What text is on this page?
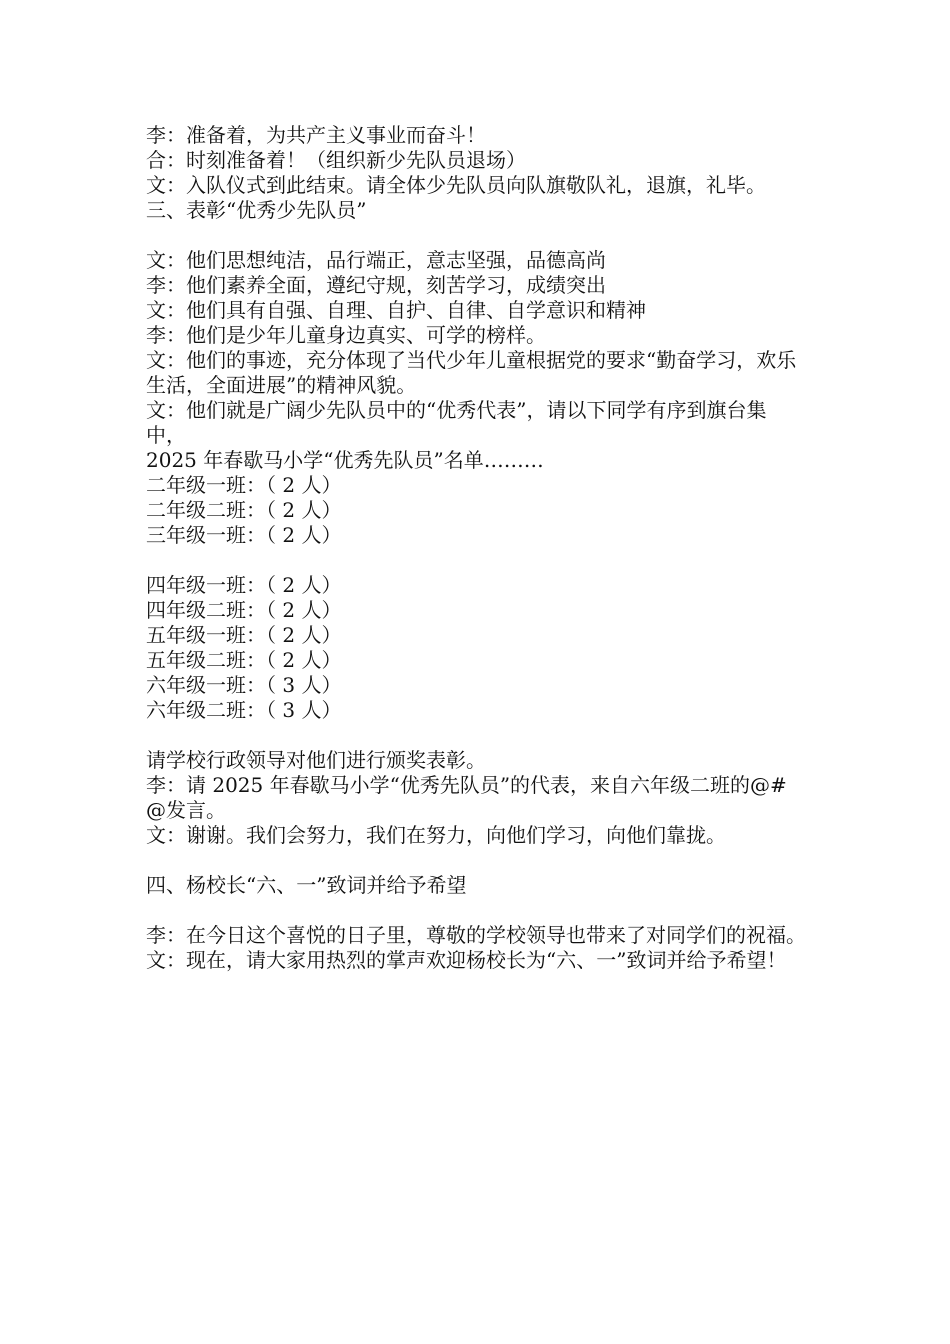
李：准备着，为共产主义事业而奋斗！
合：时刻准备着！（组织新少先队员退场）
文：入队仪式到此结束。请全体少先队员向队旗敬队礼，退旗，礼毕。
三、表彰“优秀少先队员”
文：他们思想纯洁，品行端正，意志坚强，品德高尚
李：他们素养全面，遵纪守规，刻苦学习，成绩突出
文：他们具有自强、自理、自护、自律、自学意识和精神
李：他们是少年儿童身边真实、可学的榜样。
文：他们的事迹，充分体现了当代少年儿童根据党的要求“勤奋学习，欢乐生活，全面进展”的精神风貌。
文：他们就是广阔少先队员中的“优秀代表”，请以下同学有序到旗台集中，
2025 年春歇马小学“优秀先队员”名单………
二年级一班：（ 2 人）
二年级二班：（ 2 人）
三年级一班：（ 2 人）
四年级一班：（ 2 人）
四年级二班：（ 2 人）
五年级一班：（ 2 人）
五年级二班：（ 2 人）
六年级一班：（ 3 人）
六年级二班：（ 3 人）
请学校行政领导对他们进行颁奖表彰。
李：请 2025 年春歇马小学“优秀先队员”的代表，来自六年级二班的@#@发言。
文：谢谢。我们会努力，我们在努力，向他们学习，向他们靠拢。
四、杨校长“六、一”致词并给予希望
李：在今日这个喜悦的日子里，尊敬的学校领导也带来了对同学们的祝福。
文：现在，请大家用热烈的掌声欢迎杨校长为“六、一”致词并给予希望！
